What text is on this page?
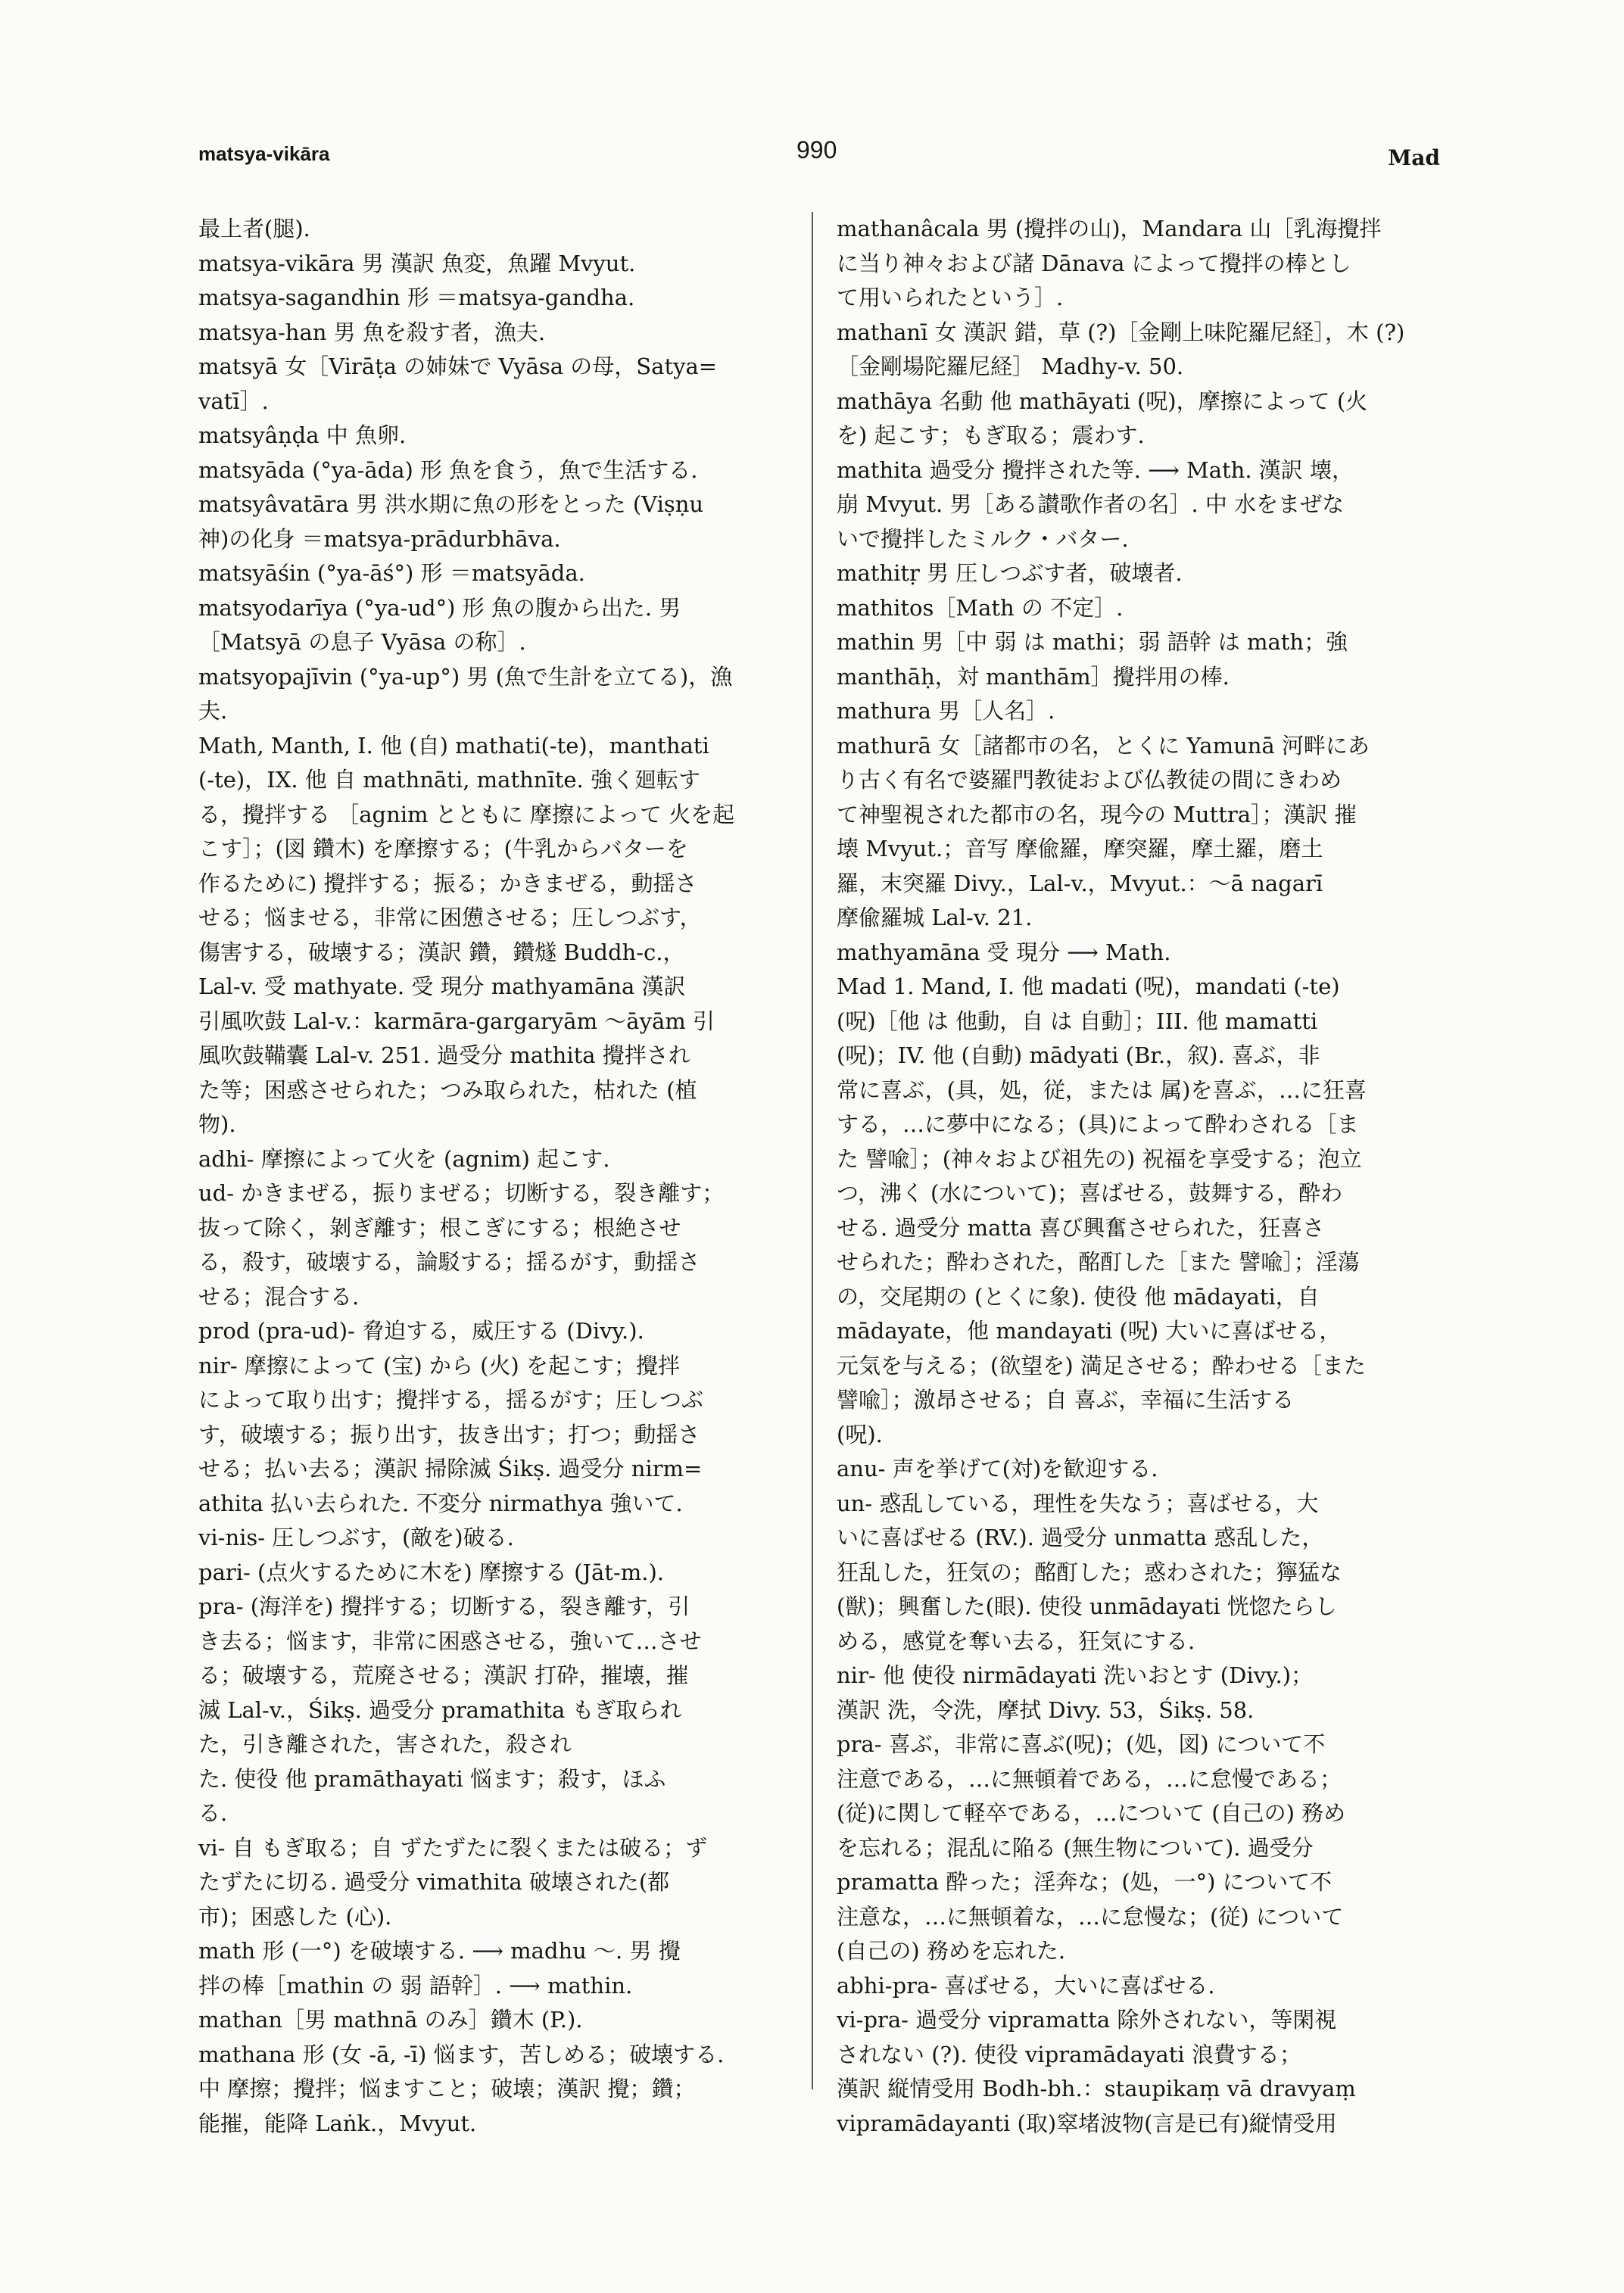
matsya-vikāra	990	Mad
最上者(腿).
matsya-vikāra 男 漢訳 魚変，魚躍 Mvyut.
matsya-sagandhin 形 ＝matsya-gandha.
matsya-han 男 魚を殺す者，漁夫.
matsyā 女［Virāṭa の姉妹で Vyāsa の母，Satya=
vatī］.
matsyâṇḍa 中 魚卵.
matsyāda (°ya-āda) 形 魚を食う，魚で生活する.
matsyâvatāra 男 洪水期に魚の形をとった (Viṣṇu
神)の化身 ＝matsya-prādurbhāva.
matsyāśin (°ya-āś°) 形 ＝matsyāda.
matsyodarīya (°ya-ud°) 形 魚の腹から出た. 男
［Matsyā の息子 Vyāsa の称］.
matsyopajīvin (°ya-up°) 男 (魚で生計を立てる)，漁
夫.
Math, Manth, I. 他 (自) mathati(-te)，manthati
(-te)，IX. 他 自 mathnāti, mathnīte. 強く廻転す
る，攪拌する ［agnim とともに 摩擦によって 火を起
こす］；(図 鑽木) を摩擦する；(牛乳からバターを
作るために) 攪拌する；振る；かきまぜる，動揺さ
せる；悩ませる，非常に困憊させる；圧しつぶす，
傷害する，破壊する；漢訳 鑽，鑽燧 Buddh-c.，
Lal-v. 受 mathyate. 受 現分 mathyamāna 漢訳
引風吹鼓 Lal-v.：karmāra-gargaryām ～āyām 引
風吹鼓鞴囊 Lal-v. 251. 過受分 mathita 攪拌され
た等；困惑させられた；つみ取られた，枯れた (植
物).
adhi- 摩擦によって火を (agnim) 起こす.
ud- かきまぜる，振りまぜる；切断する，裂き離す；
抜って除く，剝ぎ離す；根こぎにする；根絶させ
る，殺す，破壊する，論駁する；揺るがす，動揺さ
せる；混合する.
prod (pra-ud)- 脅迫する，威圧する (Divy.).
nir- 摩擦によって (宝) から (火) を起こす；攪拌
によって取り出す；攪拌する，揺るがす；圧しつぶ
す，破壊する；振り出す，抜き出す；打つ；動揺さ
せる；払い去る；漢訳 掃除滅 Śikṣ. 過受分 nirm=
athita 払い去られた. 不変分 nirmathya 強いて.
vi-nis- 圧しつぶす，(敵を)破る.
pari- (点火するために木を) 摩擦する (Jāt-m.).
pra- (海洋を) 攪拌する；切断する，裂き離す，引
き去る；悩ます，非常に困惑させる，強いて…させ
る；破壊する，荒廃させる；漢訳 打砕，摧壊，摧
滅 Lal-v.，Śikṣ. 過受分 pramathita もぎ取られ
た，引き離された，害された，殺され
た. 使役 他 pramāthayati 悩ます；殺す，ほふ
る.
vi- 自 もぎ取る；自 ずたずたに裂くまたは破る；ず
たずたに切る. 過受分 vimathita 破壊された(都
市)；困惑した (心).
math 形 (一°) を破壊する. ⟶ madhu ～. 男 攪
拌の棒［mathin の 弱 語幹］. ⟶ mathin.
mathan［男 mathnā のみ］鑽木 (P.).
mathana 形 (女 -ā, -ī) 悩ます，苦しめる；破壊する.
中 摩擦；攪拌；悩ますこと；破壊；漢訳 攪；鑽；
能摧，能降 Laṅk.，Mvyut.
mathanâcala 男 (攪拌の山)，Mandara 山［乳海攪拌
に当り神々および諸 Dānava によって攪拌の棒とし
て用いられたという］.
mathanī 女 漢訳 錯，草 (?)［金剛上味陀羅尼経］，木 (?)
［金剛場陀羅尼経］ Madhy-v. 50.
mathāya 名動 他 mathāyati (呪)，摩擦によって (火
を) 起こす；もぎ取る；震わす.
mathita 過受分 攪拌された等. ⟶ Math. 漢訳 壊，
崩 Mvyut. 男［ある讃歌作者の名］. 中 水をまぜな
いで攪拌したミルク・バター.
mathitṛ 男 圧しつぶす者，破壊者.
mathitos［Math の 不定］.
mathin 男［中 弱 は mathi；弱 語幹 は math；強
manthāḥ，対 manthām］攪拌用の棒.
mathura 男［人名］.
mathurā 女［諸都市の名，とくに Yamunā 河畔にあ
り古く有名で婆羅門教徒および仏教徒の間にきわめ
て神聖視された都市の名，現今の Muttra］；漢訳 摧
壊 Mvyut.；音写 摩偸羅，摩突羅，摩土羅，磨土
羅，末突羅 Divy.，Lal-v.，Mvyut.：～ā nagarī
摩偸羅城 Lal-v. 21.
mathyamāna 受 現分 ⟶ Math.
Mad 1. Mand, I. 他 madati (呪)，mandati (-te)
(呪)［他 は 他動，自 は 自動］；III. 他 mamatti
(呪)；IV. 他 (自動) mādyati (Br.，叙). 喜ぶ，非
常に喜ぶ，(具，処，従，または 属)を喜ぶ，…に狂喜
する，…に夢中になる；(具)によって酔わされる［ま
た 譬喩］；(神々および祖先の) 祝福を享受する；泡立
つ，沸く (水について)；喜ばせる，鼓舞する，酔わ
せる. 過受分 matta 喜び興奮させられた，狂喜さ
せられた；酔わされた，酩酊した［また 譬喩］；淫蕩
の，交尾期の (とくに象). 使役 他 mādayati，自
mādayate，他 mandayati (呪) 大いに喜ばせる，
元気を与える；(欲望を) 満足させる；酔わせる［また
譬喩］；激昂させる；自 喜ぶ，幸福に生活する
(呪).
anu- 声を挙げて(対)を歓迎する.
un- 惑乱している，理性を失なう；喜ばせる，大
いに喜ばせる (RV.). 過受分 unmatta 惑乱した，
狂乱した，狂気の；酩酊した；惑わされた；獰猛な
(獣)；興奮した(眼). 使役 unmādayati 恍惚たらし
める，感覚を奪い去る，狂気にする.
nir- 他 使役 nirmādayati 洗いおとす (Divy.)；
漢訳 洗，令洗，摩拭 Divy. 53，Śikṣ. 58.
pra- 喜ぶ，非常に喜ぶ(呪)；(処，図) について不
注意である，…に無頓着である，…に怠慢である；
(従)に関して軽卒である，…について (自己の) 務め
を忘れる；混乱に陥る (無生物について). 過受分
pramatta 酔った；淫奔な；(処，一°) について不
注意な，…に無頓着な，…に怠慢な；(従) について
(自己の) 務めを忘れた.
abhi-pra- 喜ばせる，大いに喜ばせる.
vi-pra- 過受分 vipramatta 除外されない，等閑視
されない (?). 使役 vipramādayati 浪費する；
漢訳 縦情受用 Bodh-bh.：staupikaṃ vā dravyaṃ
vipramādayanti (取)窣堵波物(言是已有)縦情受用
